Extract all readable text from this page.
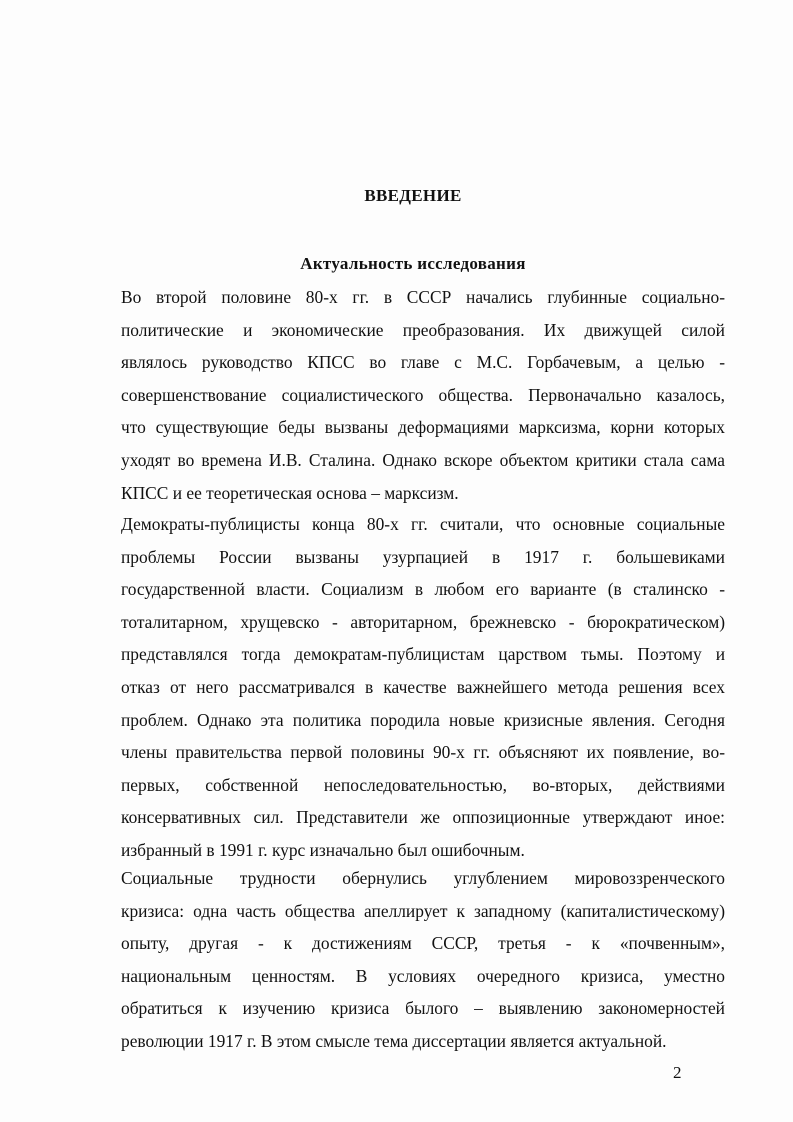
ВВЕДЕНИЕ
Актуальность исследования
Во второй половине 80-х гг. в СССР начались глубинные социально-
политические и экономические преобразования. Их движущей силой
являлось руководство КПСС во главе с М.С. Горбачевым, а целью -
совершенствование социалистического общества. Первоначально казалось,
что существующие беды вызваны деформациями марксизма, корни которых
уходят во времена И.В. Сталина. Однако вскоре объектом критики стала сама
КПСС и ее теоретическая основа – марксизм.
Демократы-публицисты конца 80-х гг. считали, что основные социальные
проблемы России вызваны узурпацией в 1917 г. большевиками
государственной власти. Социализм в любом его варианте (в сталинско -
тоталитарном, хрущевско - авторитарном, брежневско - бюрократическом)
представлялся тогда демократам-публицистам царством тьмы. Поэтому и
отказ от него рассматривался в качестве важнейшего метода решения всех
проблем. Однако эта политика породила новые кризисные явления. Сегодня
члены правительства первой половины 90-х гг. объясняют их появление, во-
первых, собственной непоследовательностью, во-вторых, действиями
консервативных сил. Представители же оппозиционные утверждают иное:
избранный в 1991 г. курс изначально был ошибочным.
Социальные трудности обернулись углублением мировоззренческого
кризиса: одна часть общества апеллирует к западному (капиталистическому)
опыту, другая - к достижениям СССР, третья - к «почвенным»,
национальным ценностям. В условиях очередного кризиса, уместно
обратиться к изучению кризиса былого – выявлению закономерностей
революции 1917 г. В этом смысле тема диссертации является актуальной.
2
